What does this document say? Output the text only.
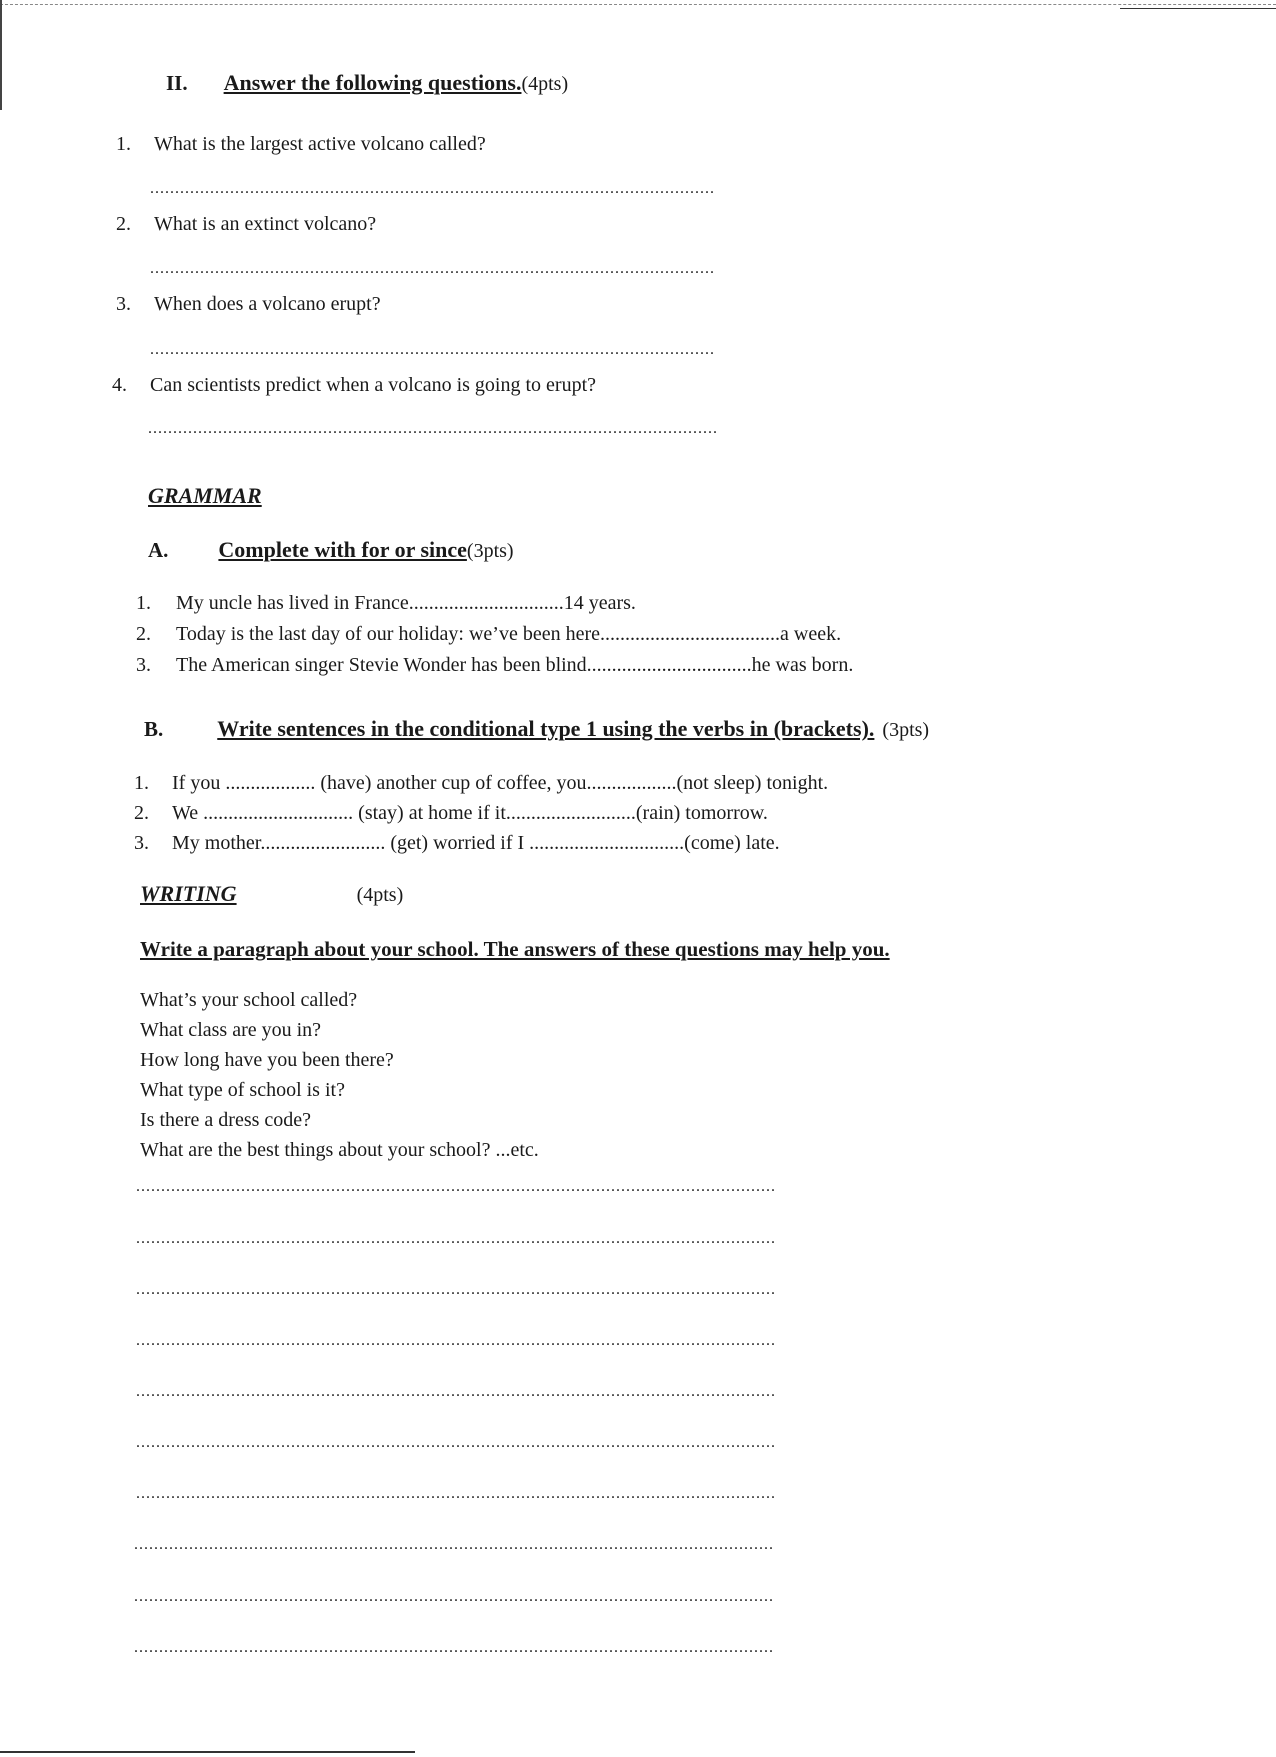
II. Answer the following questions.(4pts)
1. What is the largest active volcano called?
.................................................................................................................
2. What is an extinct volcano?
.................................................................................................................
3. When does a volcano erupt?
.................................................................................................................
4. Can scientists predict when a volcano is going to erupt?
..................................................................................................................
GRAMMAR
A. Complete with for or since(3pts)
1. My uncle has lived in France...............................14 years.
2. Today is the last day of our holiday: we’ve been here....................................a week.
3. The American singer Stevie Wonder has been blind.................................he was born.
B. Write sentences in the conditional type 1 using the verbs in (brackets). (3pts)
1. If you .................. (have) another cup of coffee, you..................(not sleep) tonight.
2. We .............................. (stay) at home if it..........................(rain) tomorrow.
3. My mother......................... (get) worried if I ...............................(come) late.
WRITING	(4pts)
Write a paragraph about your school. The answers of these questions may help you.
What’s your school called?
What class are you in?
How long have you been there?
What type of school is it?
Is there a dress code?
What are the best things about your school? ...etc.
................................................................................................................................
................................................................................................................................
................................................................................................................................
................................................................................................................................
................................................................................................................................
................................................................................................................................
................................................................................................................................
................................................................................................................................
................................................................................................................................
................................................................................................................................
